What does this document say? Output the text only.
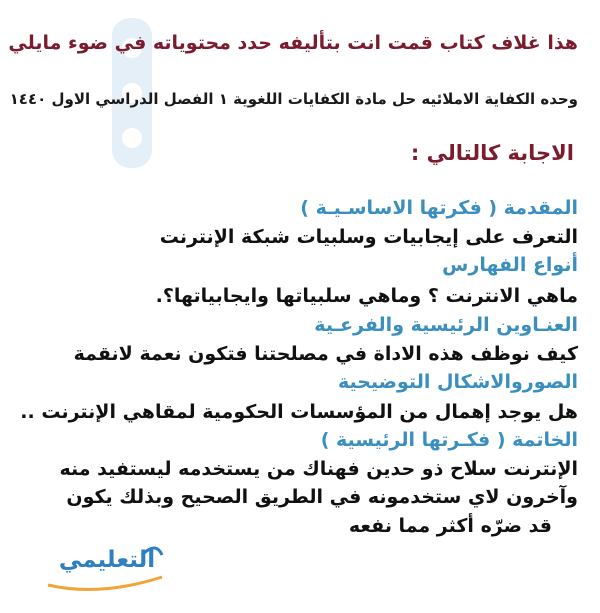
هذا غلاف كتاب قمت انت بتأليفه حدد محتوياته في ضوء مايلي
وحده الكفاية الاملائيه حل مادة الكفايات اللغوية ١ الفصل الدراسي الاول ١٤٤٠
الاجابة كالتالي :
المقدمة ( فكرتها الاساسـيـة )
التعرف على إيجابيات وسلبيات شبكة الإنترنت
أنواع الفهارس
ماهي الانترنت ؟ وماهي سلبياتها وايجابياتها؟.
العنـاوين الرئيسية والفرعـية
كيف نوظف هذه الاداة في مصلحتنا فتكون نعمة لانقمة
الصوروالاشكال التوضيحية
هل يوجد إهمال من المؤسسات الحكومية لمقاهي الإنترنت ..
الخاتمة ( فكـرتها الرئيسية )
الإنترنت سلاح ذو حدين فهناك من يستخدمه ليستفيد منه
وآخرون لاي ستخدمونه في الطريق الصحيح وبذلك يكون
قد ضرّه أكثر مما نفعه
التعليمي
